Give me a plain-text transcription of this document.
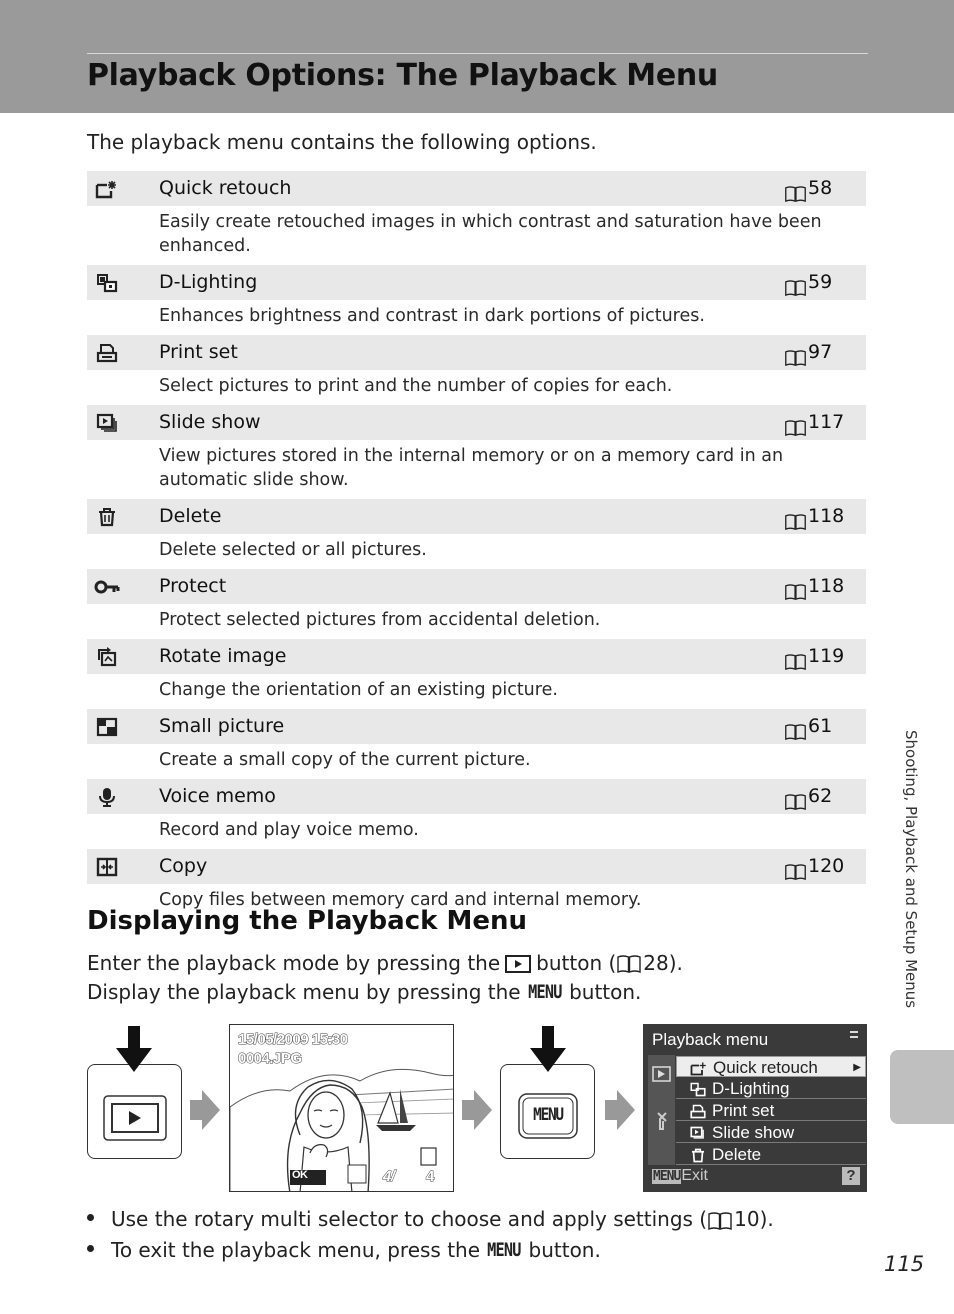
Playback Options: The Playback Menu
The playback menu contains the following options.
Quick retouch	58
Easily create retouched images in which contrast and saturation have been enhanced.
D-Lighting	59
Enhances brightness and contrast in dark portions of pictures.
Print set	97
Select pictures to print and the number of copies for each.
Slide show	117
View pictures stored in the internal memory or on a memory card in an automatic slide show.
Delete	118
Delete selected or all pictures.
Protect	118
Protect selected pictures from accidental deletion.
Rotate image	119
Change the orientation of an existing picture.
Small picture	61
Create a small copy of the current picture.
Voice memo	62
Record and play voice memo.
Copy	120
Copy files between memory card and internal memory.
Displaying the Playback Menu
Enter the playback mode by pressing the button ( 28 ).
Display the playback menu by pressing the
MENU
button.
15/05/2009 15:30
0004.JPG
OK	4/ 4
MENU
Playback menu
Quick retouch	▶
D-Lighting
Print set
Slide show
Delete
MENUExit	?
Use the rotary multi selector to choose and apply settings ( 10 ).
To exit the playback menu, press the
MENU
button.
Shooting, Playback and Setup Menus
115
